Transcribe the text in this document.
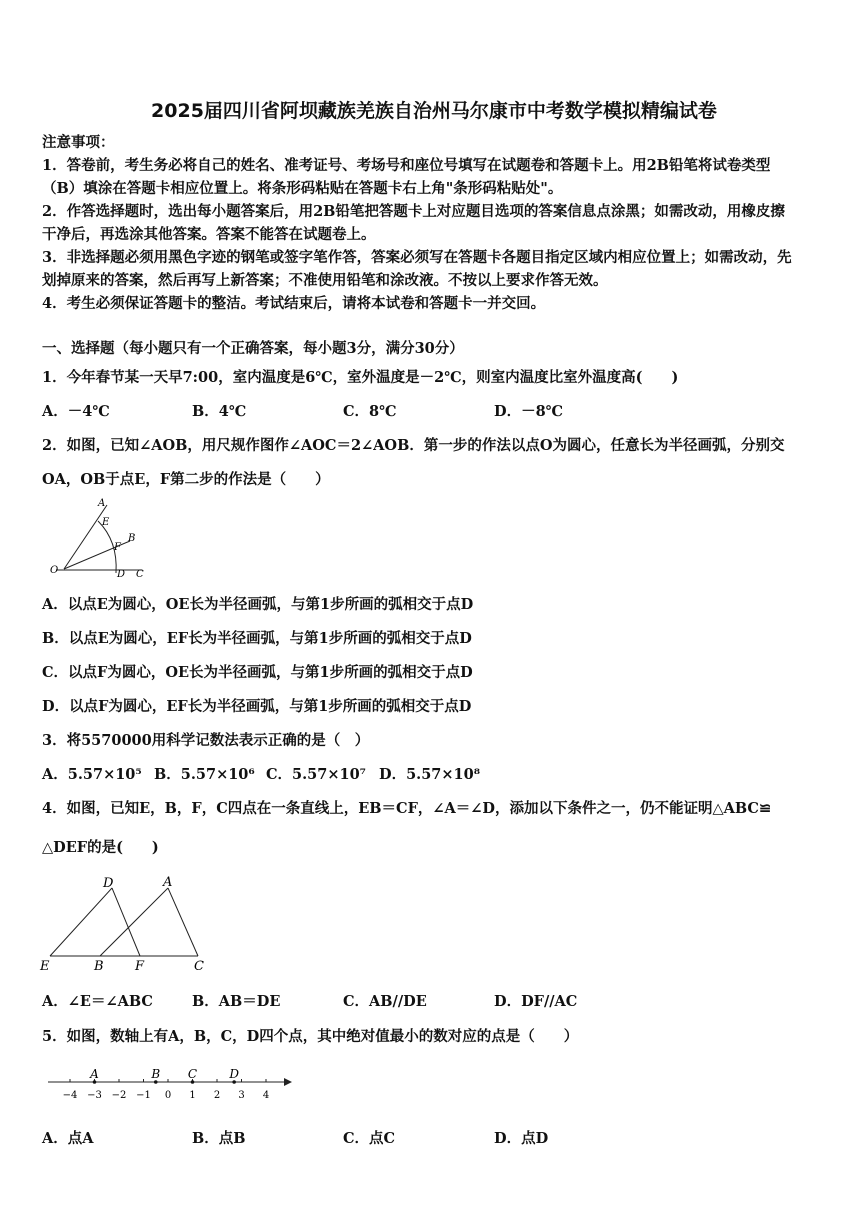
2025届四川省阿坝藏族羌族自治州马尔康市中考数学模拟精编试卷
注意事项：
1．答卷前，考生务必将自己的姓名、准考证号、考场号和座位号填写在试题卷和答题卡上。用2B铅笔将试卷类型
（B）填涂在答题卡相应位置上。将条形码粘贴在答题卡右上角"条形码粘贴处"。
2．作答选择题时，选出每小题答案后，用2B铅笔把答题卡上对应题目选项的答案信息点涂黑；如需改动，用橡皮擦
干净后，再选涂其他答案。答案不能答在试题卷上。
3．非选择题必须用黑色字迹的钢笔或签字笔作答，答案必须写在答题卡各题目指定区域内相应位置上；如需改动，先
划掉原来的答案，然后再写上新答案；不准使用铅笔和涂改液。不按以上要求作答无效。
4．考生必须保证答题卡的整洁。考试结束后，请将本试卷和答题卡一并交回。
一、选择题（每小题只有一个正确答案，每小题3分，满分30分）
1．今年春节某一天早7:00，室内温度是6℃，室外温度是－2℃，则室内温度比室外温度高(　　)
A．－4℃	B．4℃	C．8℃	D．－8℃
2．如图，已知∠AOB，用尺规作图作∠AOC＝2∠AOB．第一步的作法以点O为圆心，任意长为半径画弧，分别交
OA，OB于点E，F第二步的作法是（　　）
A
E
B
F
O	D C
A．以点E为圆心，OE长为半径画弧，与第1步所画的弧相交于点D
B．以点E为圆心，EF长为半径画弧，与第1步所画的弧相交于点D
C．以点F为圆心，OE长为半径画弧，与第1步所画的弧相交于点D
D．以点F为圆心，EF长为半径画弧，与第1步所画的弧相交于点D
3．将5570000用科学记数法表示正确的是（　）
A．5.57×10⁵ B．5.57×10⁶ C．5.57×10⁷ D．5.57×10⁸
4．如图，已知E，B，F，C四点在一条直线上，EB＝CF，∠A＝∠D，添加以下条件之一，仍不能证明△ABC≌
△DEF的是(　　)
D	A
E	B F	C
A．∠E＝∠ABC	B．AB＝DE	C．AB//DE	D．DF//AC
5．如图，数轴上有A，B，C，D四个点，其中绝对值最小的数对应的点是（　　）
−4 −3 −2 −1 0 1 2 3 4
A	B C	D
A．点A	B．点B	C．点C	D．点D
